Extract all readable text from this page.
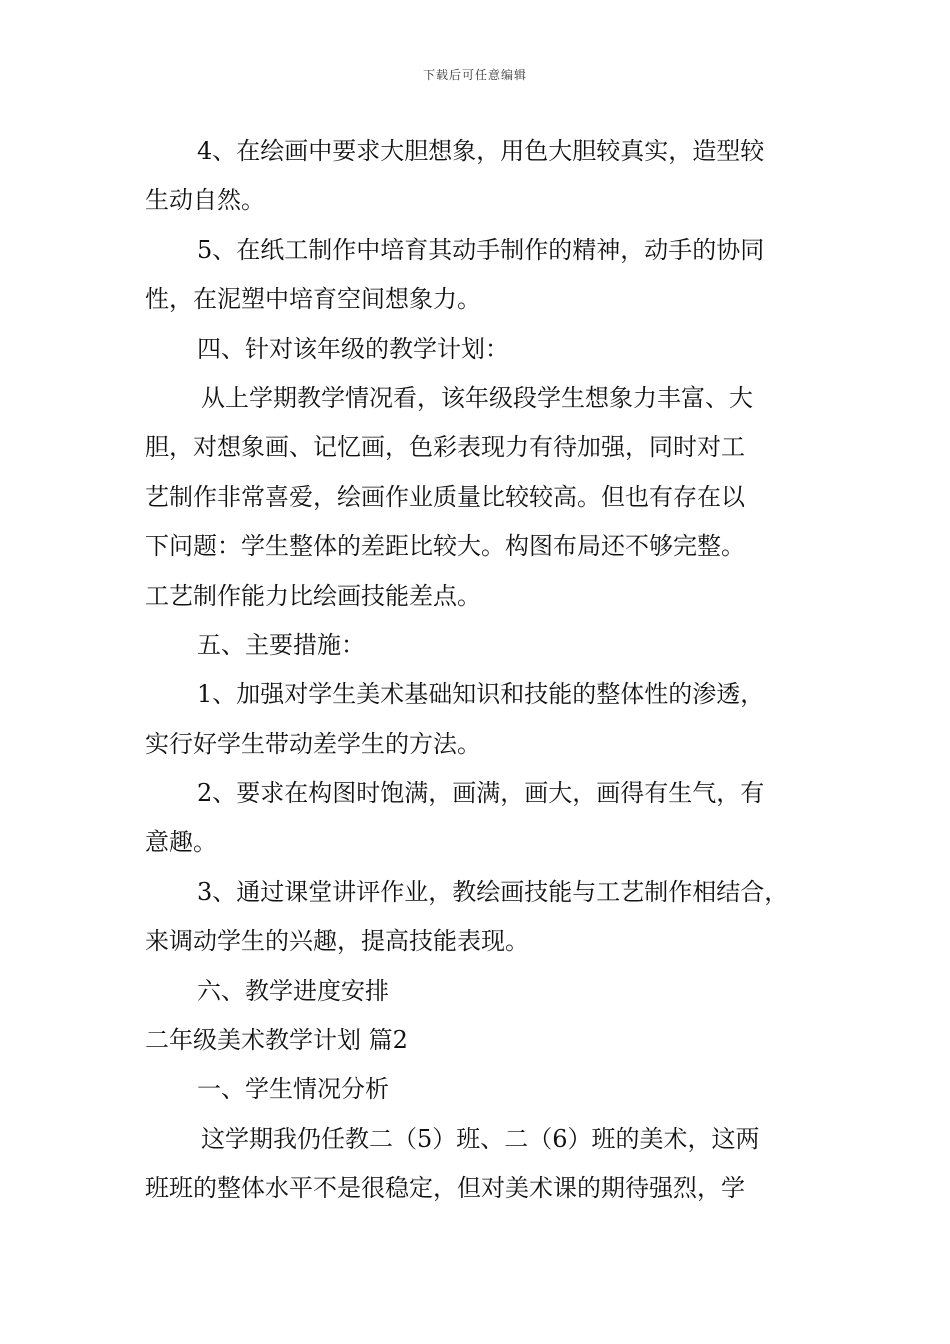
下载后可任意编辑
4、在绘画中要求大胆想象，用色大胆较真实，造型较
生动自然。
5、在纸工制作中培育其动手制作的精神，动手的协同
性，在泥塑中培育空间想象力。
四、针对该年级的教学计划：
从上学期教学情况看，该年级段学生想象力丰富、大
胆，对想象画、记忆画，色彩表现力有待加强，同时对工
艺制作非常喜爱，绘画作业质量比较较高。但也有存在以
下问题：学生整体的差距比较大。构图布局还不够完整。
工艺制作能力比绘画技能差点。
五、主要措施：
1、加强对学生美术基础知识和技能的整体性的渗透，
实行好学生带动差学生的方法。
2、要求在构图时饱满，画满，画大，画得有生气，有
意趣。
3、通过课堂讲评作业，教绘画技能与工艺制作相结合，
来调动学生的兴趣，提高技能表现。
六、教学进度安排
二年级美术教学计划 篇2
一、学生情况分析
这学期我仍任教二（5）班、二（6）班的美术，这两
班班的整体水平不是很稳定，但对美术课的期待强烈，学
